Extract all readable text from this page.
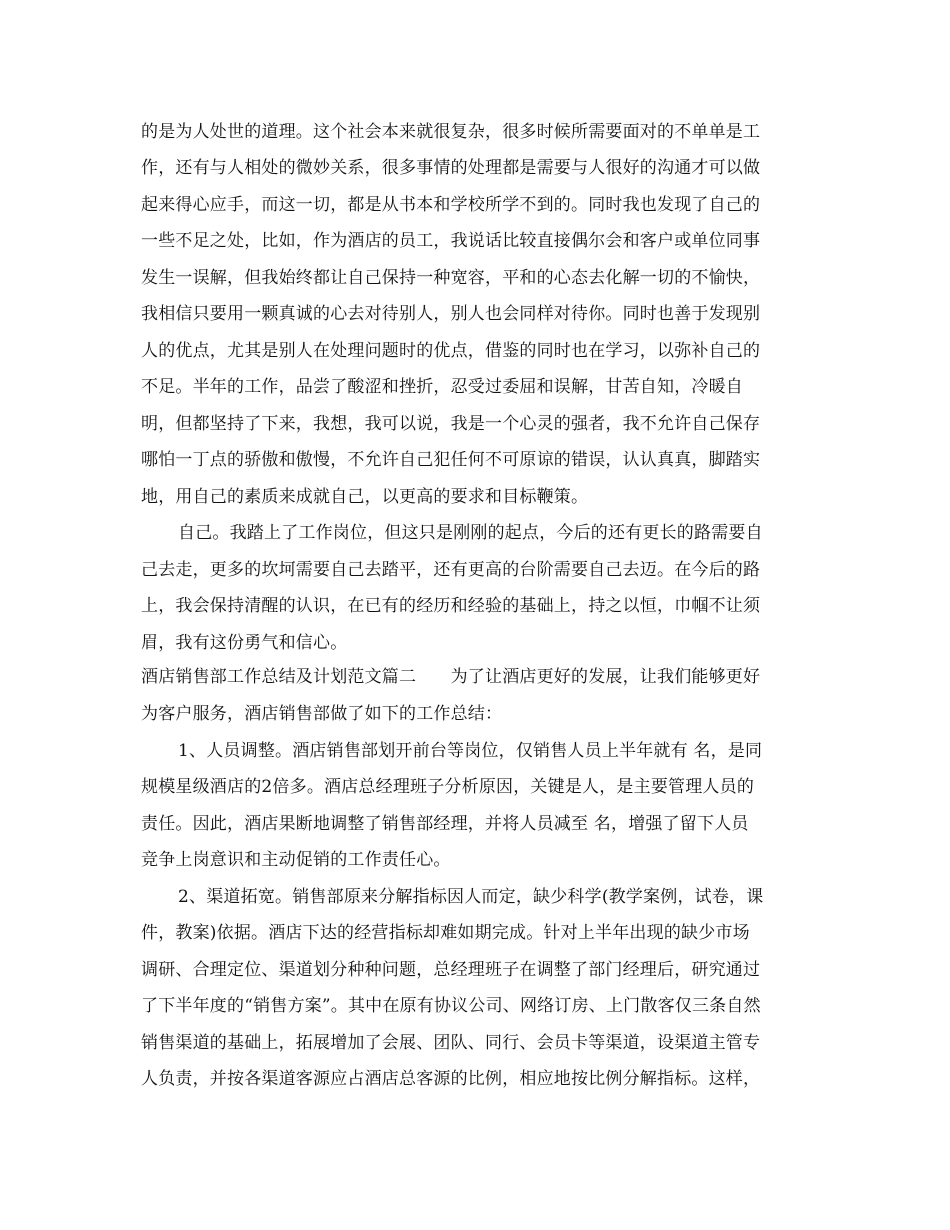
的是为人处世的道理。这个社会本来就很复杂，很多时候所需要面对的不单单是工
作，还有与人相处的微妙关系，很多事情的处理都是需要与人很好的沟通才可以做
起来得心应手，而这一切，都是从书本和学校所学不到的。同时我也发现了自己的
一些不足之处，比如，作为酒店的员工，我说话比较直接偶尔会和客户或单位同事
发生一误解，但我始终都让自己保持一种宽容，平和的心态去化解一切的不愉快，
我相信只要用一颗真诚的心去对待别人，别人也会同样对待你。同时也善于发现别
人的优点，尤其是别人在处理问题时的优点，借鉴的同时也在学习，以弥补自己的
不足。半年的工作，品尝了酸涩和挫折，忍受过委屈和误解，甘苦自知，冷暖自
明，但都坚持了下来，我想，我可以说，我是一个心灵的强者，我不允许自己保存
哪怕一丁点的骄傲和傲慢，不允许自己犯任何不可原谅的错误，认认真真，脚踏实
地，用自己的素质来成就自己，以更高的要求和目标鞭策。
自己。我踏上了工作岗位，但这只是刚刚的起点，今后的还有更长的路需要自
己去走，更多的坎坷需要自己去踏平，还有更高的台阶需要自己去迈。在今后的路
上，我会保持清醒的认识，在已有的经历和经验的基础上，持之以恒，巾帼不让须
眉，我有这份勇气和信心。
酒店销售部工作总结及计划范文篇二　　为了让酒店更好的发展，让我们能够更好
为客户服务，酒店销售部做了如下的工作总结：
1、人员调整。酒店销售部划开前台等岗位，仅销售人员上半年就有 名，是同
规模星级酒店的2倍多。酒店总经理班子分析原因，关键是人，是主要管理人员的
责任。因此，酒店果断地调整了销售部经理，并将人员减至 名，增强了留下人员
竞争上岗意识和主动促销的工作责任心。
2、渠道拓宽。销售部原来分解指标因人而定，缺少科学(教学案例，试卷，课
件，教案)依据。酒店下达的经营指标却难如期完成。针对上半年出现的缺少市场
调研、合理定位、渠道划分种种问题，总经理班子在调整了部门经理后，研究通过
了下半年度的“销售方案”。其中在原有协议公司、网络订房、上门散客仅三条自然
销售渠道的基础上，拓展增加了会展、团队、同行、会员卡等渠道，设渠道主管专
人负责，并按各渠道客源应占酒店总客源的比例，相应地按比例分解指标。这样，
